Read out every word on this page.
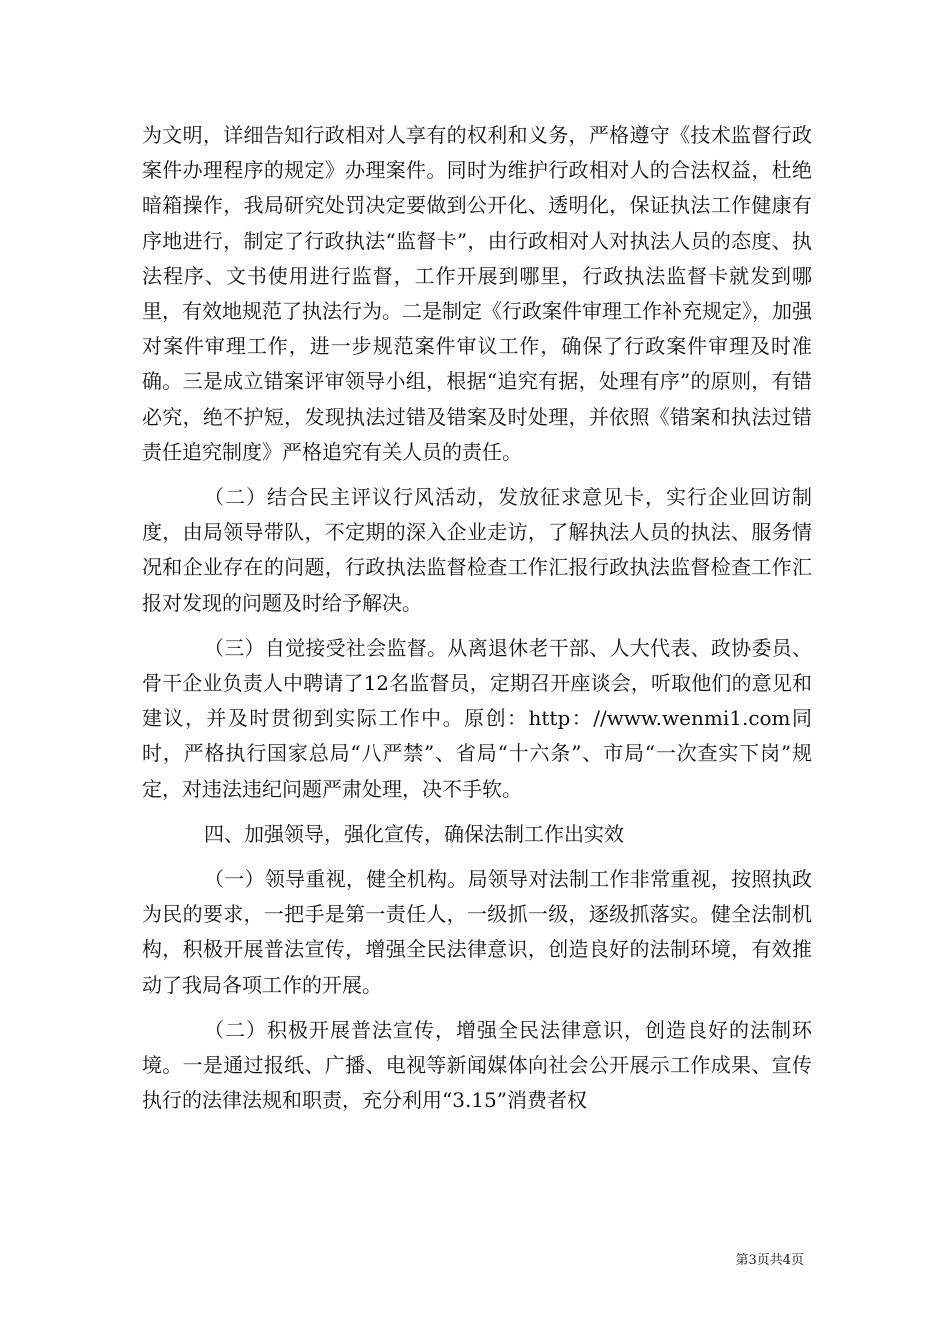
为文明，详细告知行政相对人享有的权利和义务，严格遵守《技术监督行政案件办理程序的规定》办理案件。同时为维护行政相对人的合法权益，杜绝暗箱操作，我局研究处罚决定要做到公开化、透明化，保证执法工作健康有序地进行，制定了行政执法“监督卡”，由行政相对人对执法人员的态度、执法程序、文书使用进行监督，工作开展到哪里，行政执法监督卡就发到哪里，有效地规范了执法行为。二是制定《行政案件审理工作补充规定》，加强对案件审理工作，进一步规范案件审议工作，确保了行政案件审理及时准确。三是成立错案评审领导小组，根据“追究有据，处理有序”的原则，有错必究，绝不护短，发现执法过错及错案及时处理，并依照《错案和执法过错责任追究制度》严格追究有关人员的责任。

（二）结合民主评议行风活动，发放征求意见卡，实行企业回访制度，由局领导带队，不定期的深入企业走访，了解执法人员的执法、服务情况和企业存在的问题，行政执法监督检查工作汇报行政执法监督检查工作汇报对发现的问题及时给予解决。

（三）自觉接受社会监督。从离退休老干部、人大代表、政协委员、骨干企业负责人中聘请了12名监督员，定期召开座谈会，听取他们的意见和建议，并及时贯彻到实际工作中。原创：http：//www.wenmi1.com同时，严格执行国家总局“八严禁”、省局“十六条”、市局“一次查实下岗”规定，对违法违纪问题严肃处理，决不手软。

四、加强领导，强化宣传，确保法制工作出实效

（一）领导重视，健全机构。局领导对法制工作非常重视，按照执政为民的要求，一把手是第一责任人，一级抓一级，逐级抓落实。健全法制机构，积极开展普法宣传，增强全民法律意识，创造良好的法制环境，有效推动了我局各项工作的开展。

（二）积极开展普法宣传，增强全民法律意识，创造良好的法制环境。一是通过报纸、广播、电视等新闻媒体向社会公开展示工作成果、宣传执行的法律法规和职责，充分利用“3.15”消费者权

第3页共4页
